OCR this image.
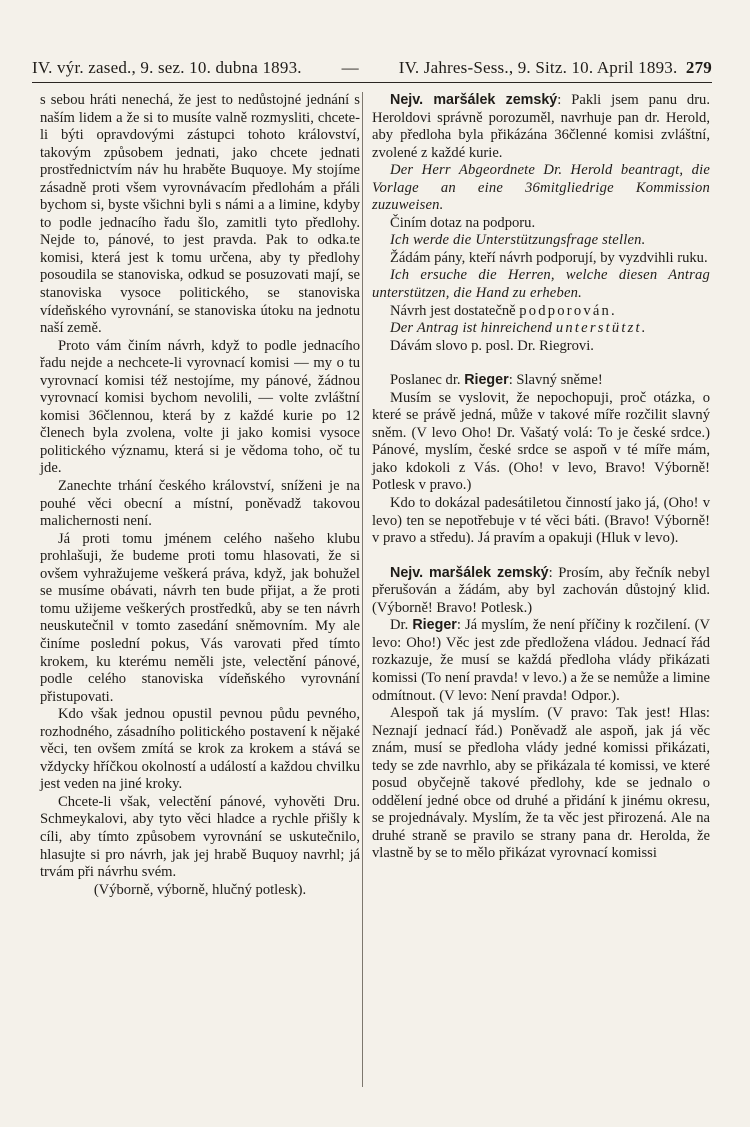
IV. výr. zased., 9. sez. 10. dubna 1893. — IV. Jahres-Sess., 9. Sitz. 10. April 1893. 279

s sebou hráti nenechá, že jest to nedůstojné jednání s naším lidem a že si to musíte valně rozmysliti, chcete-li býti opravdovými zástupci tohoto království, takovým způsobem jednati, jako chcete jednati prostřednictvím náv hu hraběte Buquoye. My stojíme zásadně proti všem vyrovnávacím předlohám a přáli bychom si, byste všichni byli s námi a a limine, kdyby to podle jednacího řadu šlo, zamitli tyto předlohy. Nejde to, pánové, to jest pravda. Pak to odka.te komisi, která jest k tomu určena, aby ty předlohy posoudila se stanoviska, odkud se posuzovati mají, se stanoviska vysoce politického, se stanoviska vídeňského vyrovnání, se stanoviska útoku na jednotu naší země.

Proto vám činím návrh, když to podle jednacího řadu nejde a nechcete-li vyrovnací komisi — my o tu vyrovnací komisi též nestojíme, my pánové, žádnou vyrovnací komisi bychom nevolili, — volte zvláštní komisi 36člennou, která by z každé kurie po 12 členech byla zvolena, volte ji jako komisi vysoce politického významu, která si je vědoma toho, oč tu jde.

Zanechte trhání českého království, sníženi je na pouhé věci obecní a místní, poněvadž takovou malichernosti není.

Já proti tomu jménem celého našeho klubu prohlašuji, že budeme proti tomu hlasovati, že si ovšem vyhražujeme veškerá práva, když, jak bohužel se musíme obávati, návrh ten bude přijat, a že proti tomu užijeme veškerých prostředků, aby se ten návrh neuskutečnil v tomto zasedání sněmovním. My ale činíme poslední pokus, Vás varovati před tímto krokem, ku kterému neměli jste, velectění pánové, podle celého stanoviska vídeňského vyrovnání přistupovati.

Kdo však jednou opustil pevnou půdu pevného, rozhodného, zásadního politického postavení k nějaké věci, ten ovšem zmítá se krok za krokem a stává se vždycky hříčkou okolností a událostí a každou chvilku jest veden na jiné kroky.

Chcete-li však, velectění pánové, vyhověti Dru. Schmeykalovi, aby tyto věci hladce a rychle přišly k cíli, aby tímto způsobem vyrovnání se uskutečnilo, hlasujte si pro návrh, jak jej hrabě Buquoy navrhl; já trvám při návrhu svém.

(Výborně, výborně, hlučný potlesk).

Nejv. maršálek zemský: Pakli jsem panu dru. Heroldovi správně porozuměl, navrhuje pan dr. Herold, aby předloha byla přikázána 36členné komisi zvláštní, zvolené z každé kurie.

Der Herr Abgeordnete Dr. Herold beantragt, die Vorlage an eine 36mitgliedrige Kommission zuzuweisen.

Činím dotaz na podporu.

Ich werde die Unterstützungsfrage stellen.

Žádám pány, kteří návrh podporují, by vyzdvihli ruku.

Ich ersuche die Herren, welche diesen Antrag unterstützen, die Hand zu erheben.

Návrh jest dostatečně podporován.

Der Antrag ist hinreichend unterstützt.

Dávám slovo p. posl. Dr. Riegrovi.

Poslanec dr. Rieger: Slavný sněme!

Musím se vyslovit, že nepochopuji, proč otázka, o které se právě jedná, může v takové míře rozčilit slavný sněm. (V levo Oho! Dr. Vašatý volá: To je české srdce.) Pánové, myslím, české srdce se aspoň v té míře mám, jako kdokoli z Vás. (Oho! v levo, Bravo! Výborně! Potlesk v pravo.)

Kdo to dokázal padesátiletou činností jako já, (Oho! v levo) ten se nepotřebuje v té věci báti. (Bravo! Výborně! v pravo a středu). Já pravím a opakuji (Hluk v levo).

Nejv. maršálek zemský: Prosím, aby řečník nebyl přerušován a žádám, aby byl zachován důstojný klid. (Výborně! Bravo! Potlesk.)

Dr. Rieger: Já myslím, že není příčiny k rozčilení. (V levo: Oho!) Věc jest zde předložena vládou. Jednací řád rozkazuje, že musí se každá předloha vlády přikázati komissi (To není pravda! v levo.) a že se nemůže a limine odmítnout. (V levo: Není pravda! Odpor.).

Alespoň tak já myslím. (V pravo: Tak jest! Hlas: Neznají jednací řád.) Poněvadž ale aspoň, jak já věc znám, musí se předloha vlády jedné komissi přikázati, tedy se zde navrhlo, aby se přikázala té komissi, ve které posud obyčejně takové předlohy, kde se jednalo o oddělení jedné obce od druhé a přidání k jinému okresu, se projednávaly. Myslím, že ta věc jest přirozená. Ale na druhé straně se pravilo se strany pana dr. Herolda, že vlastně by se to mělo přikázat vyrovnací komissi
